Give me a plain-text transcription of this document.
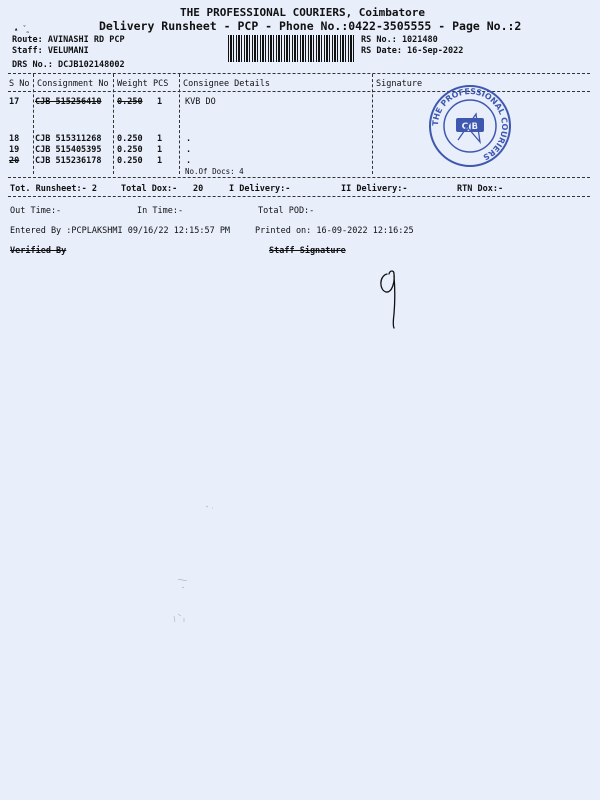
▴ ˇ˷
THE PROFESSIONAL COURIERS, Coimbatore
Delivery Runsheet - PCP - Phone No.:0422-3505555 - Page No.:2
Route: AVINASHI RD PCP
Staff: VELUMANI
DRS No.: DCJB102148002
RS No.: 1021480
RS Date: 16-Sep-2022
S No Consignment No Weight PCS Consignee Details	Signature
17 CJB 515256410 0.250 1	KVB DO
18 CJB 515311268 0.250 1	.
19 CJB 515405395 0.250 1	.
20 CJB 515236178 0.250 1	.
No.Of Docs: 4
THE PROFESSIONAL COURIERS
CJB
Tot. Runsheet:- 2	Total Dox:- 20	I Delivery:-	II Delivery:-	RTN Dox:-
Out Time:-	In Time:-	Total POD:-
Entered By :PCPLAKSHMI 09/16/22 12:15:57 PM	Printed on: 16-09-2022 12:16:25
Verified By	Staff Signature
